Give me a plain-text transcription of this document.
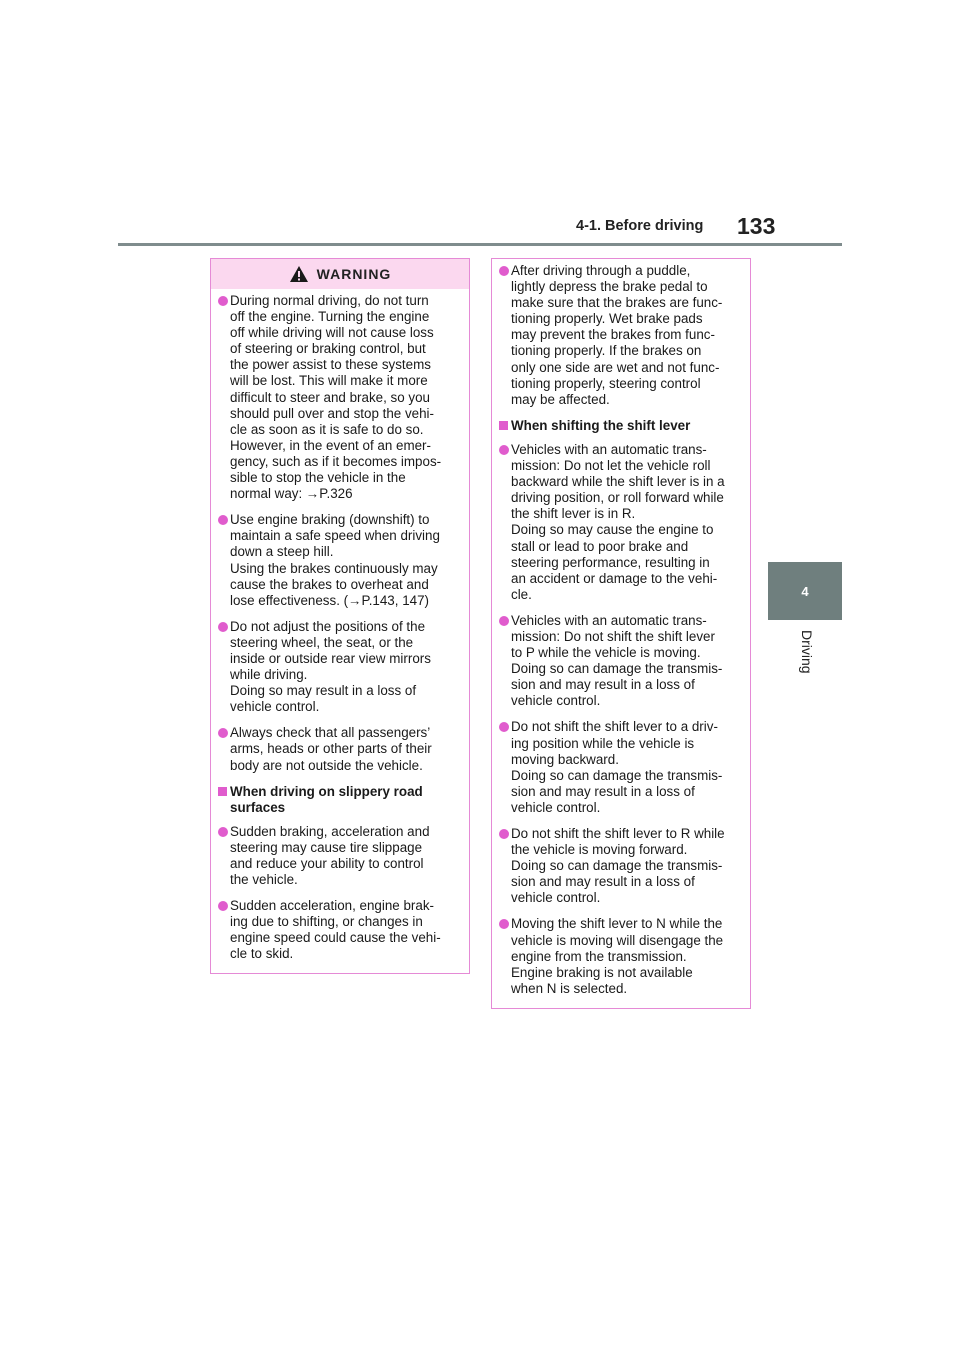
4-1. Before driving 133
4
Driving
WARNING
During normal driving, do not turn
off the engine. Turning the engine
off while driving will not cause loss
of steering or braking control, but
the power assist to these systems
will be lost. This will make it more
difficult to steer and brake, so you
should pull over and stop the vehi-
cle as soon as it is safe to do so.
However, in the event of an emer-
gency, such as if it becomes impos-
sible to stop the vehicle in the
normal way: →P.326
Use engine braking (downshift) to
maintain a safe speed when driving
down a steep hill.
Using the brakes continuously may
cause the brakes to overheat and
lose effectiveness. (→P.143, 147)
Do not adjust the positions of the
steering wheel, the seat, or the
inside or outside rear view mirrors
while driving.
Doing so may result in a loss of
vehicle control.
Always check that all passengers’
arms, heads or other parts of their
body are not outside the vehicle.
When driving on slippery road
surfaces
Sudden braking, acceleration and
steering may cause tire slippage
and reduce your ability to control
the vehicle.
Sudden acceleration, engine brak-
ing due to shifting, or changes in
engine speed could cause the vehi-
cle to skid.
After driving through a puddle,
lightly depress the brake pedal to
make sure that the brakes are func-
tioning properly. Wet brake pads
may prevent the brakes from func-
tioning properly. If the brakes on
only one side are wet and not func-
tioning properly, steering control
may be affected.
When shifting the shift lever
Vehicles with an automatic trans-
mission: Do not let the vehicle roll
backward while the shift lever is in a
driving position, or roll forward while
the shift lever is in R.
Doing so may cause the engine to
stall or lead to poor brake and
steering performance, resulting in
an accident or damage to the vehi-
cle.
Vehicles with an automatic trans-
mission: Do not shift the shift lever
to P while the vehicle is moving.
Doing so can damage the transmis-
sion and may result in a loss of
vehicle control.
Do not shift the shift lever to a driv-
ing position while the vehicle is
moving backward.
Doing so can damage the transmis-
sion and may result in a loss of
vehicle control.
Do not shift the shift lever to R while
the vehicle is moving forward.
Doing so can damage the transmis-
sion and may result in a loss of
vehicle control.
Moving the shift lever to N while the
vehicle is moving will disengage the
engine from the transmission.
Engine braking is not available
when N is selected.
